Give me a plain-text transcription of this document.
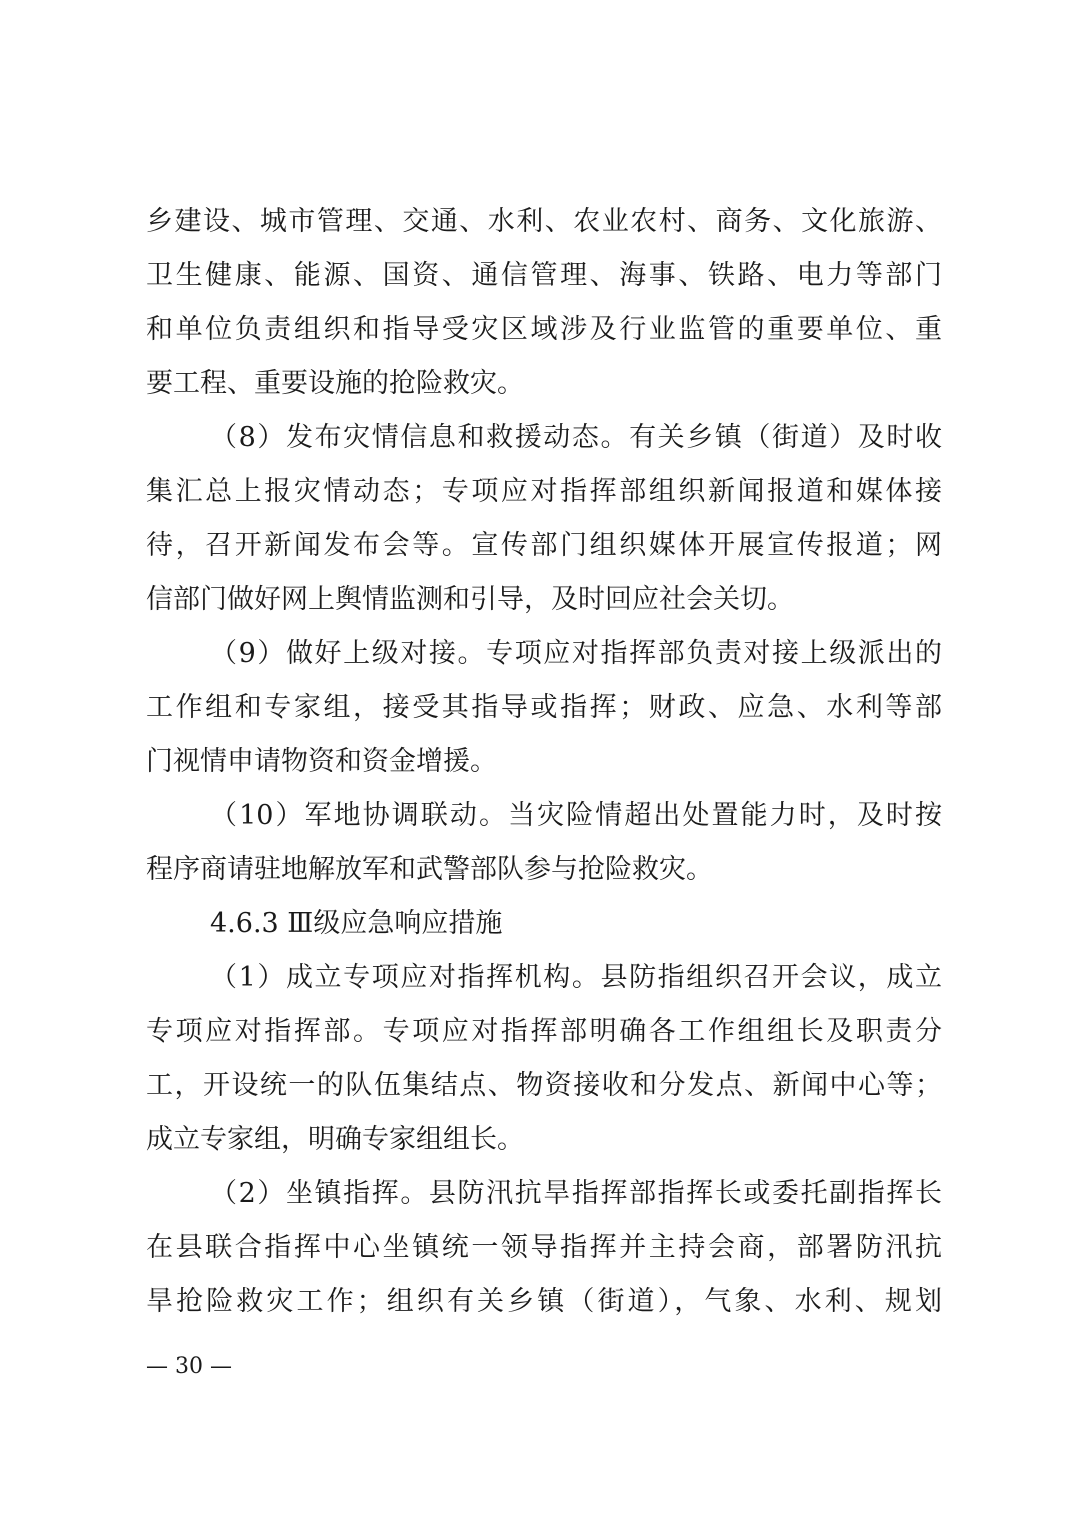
乡建设、城市管理、交通、水利、农业农村、商务、文化旅游、
卫生健康、能源、国资、通信管理、海事、铁路、电力等部门
和单位负责组织和指导受灾区域涉及行业监管的重要单位、重
要工程、重要设施的抢险救灾。
（8）发布灾情信息和救援动态。有关乡镇（街道）及时收
集汇总上报灾情动态；专项应对指挥部组织新闻报道和媒体接
待，召开新闻发布会等。宣传部门组织媒体开展宣传报道；网
信部门做好网上舆情监测和引导，及时回应社会关切。
（9）做好上级对接。专项应对指挥部负责对接上级派出的
工作组和专家组，接受其指导或指挥；财政、应急、水利等部
门视情申请物资和资金增援。
（10）军地协调联动。当灾险情超出处置能力时，及时按
程序商请驻地解放军和武警部队参与抢险救灾。
4.6.3 Ⅲ级应急响应措施
（1）成立专项应对指挥机构。县防指组织召开会议，成立
专项应对指挥部。专项应对指挥部明确各工作组组长及职责分
工，开设统一的队伍集结点、物资接收和分发点、新闻中心等；
成立专家组，明确专家组组长。
（2）坐镇指挥。县防汛抗旱指挥部指挥长或委托副指挥长
在县联合指挥中心坐镇统一领导指挥并主持会商，部署防汛抗
旱抢险救灾工作；组织有关乡镇（街道），气象、水利、规划
— 30 —
